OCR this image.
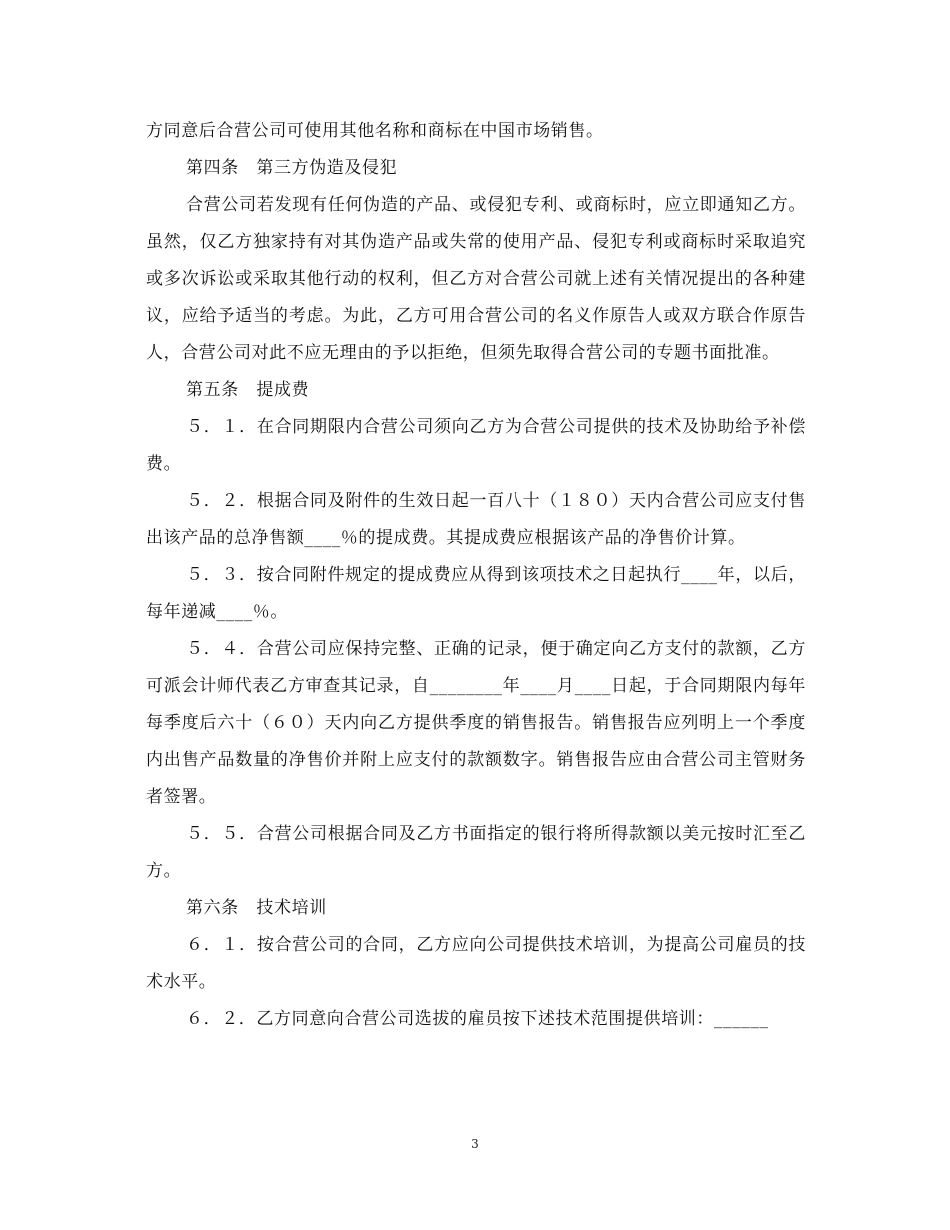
方同意后合营公司可使用其他名称和商标在中国市场销售。

第四条　第三方伪造及侵犯

合营公司若发现有任何伪造的产品、或侵犯专利、或商标时，应立即通知乙方。虽然，仅乙方独家持有对其伪造产品或失常的使用产品、侵犯专利或商标时采取追究或多次诉讼或采取其他行动的权利，但乙方对合营公司就上述有关情况提出的各种建议，应给予适当的考虑。为此，乙方可用合营公司的名义作原告人或双方联合作原告人，合营公司对此不应无理由的予以拒绝，但须先取得合营公司的专题书面批准。

第五条　提成费

５．１．在合同期限内合营公司须向乙方为合营公司提供的技术及协助给予补偿费。

５．２．根据合同及附件的生效日起一百八十（１８０）天内合营公司应支付售出该产品的总净售额____％的提成费。其提成费应根据该产品的净售价计算。

５．３．按合同附件规定的提成费应从得到该项技术之日起执行____年，以后，每年递减____％。

５．４．合营公司应保持完整、正确的记录，便于确定向乙方支付的款额，乙方可派会计师代表乙方审查其记录，自________年____月____日起，于合同期限内每年每季度后六十（６０）天内向乙方提供季度的销售报告。销售报告应列明上一个季度内出售产品数量的净售价并附上应支付的款额数字。销售报告应由合营公司主管财务者签署。

５．５．合营公司根据合同及乙方书面指定的银行将所得款额以美元按时汇至乙方。

第六条　技术培训

６．１．按合营公司的合同，乙方应向公司提供技术培训，为提高公司雇员的技术水平。

６．２．乙方同意向合营公司选拔的雇员按下述技术范围提供培训：______

3
